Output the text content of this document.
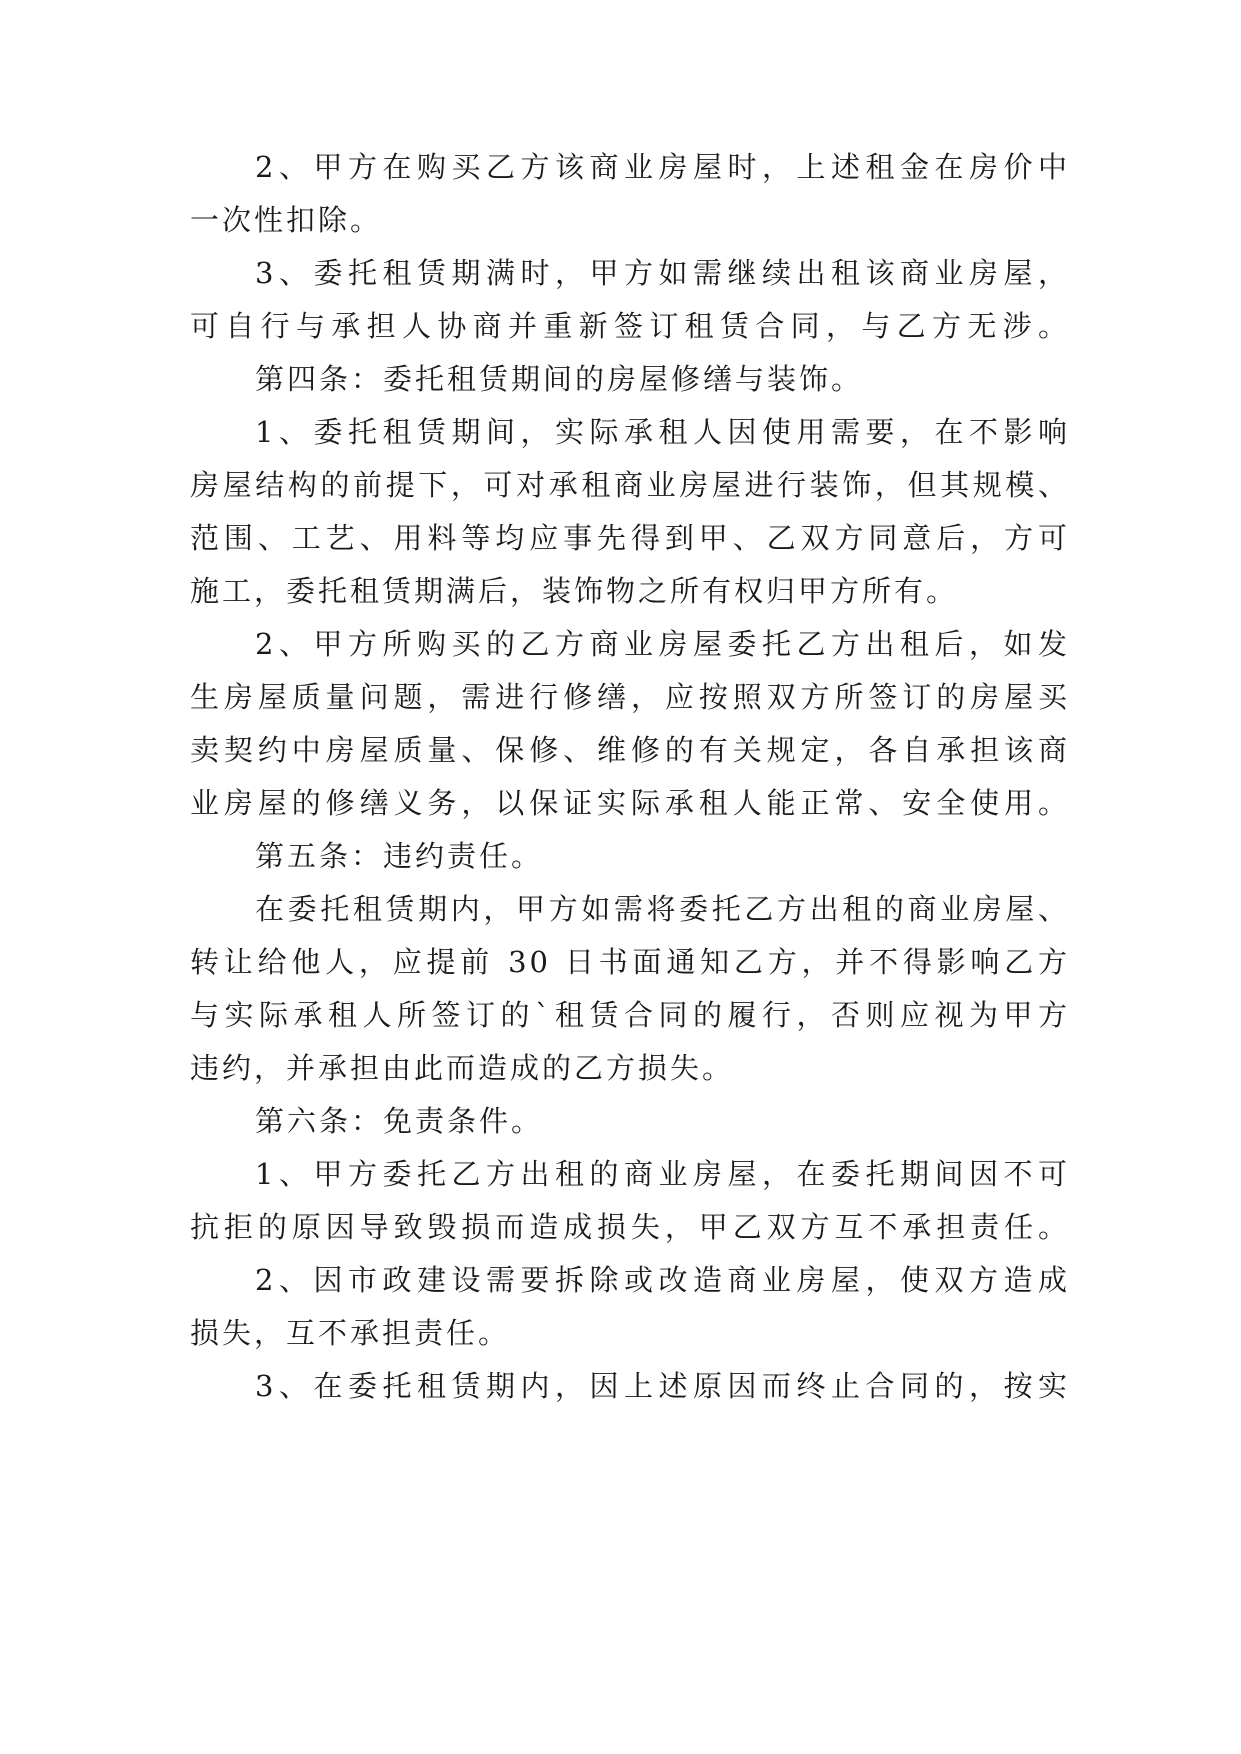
2、甲方在购买乙方该商业房屋时，上述租金在房价中
一次性扣除。
3、委托租赁期满时，甲方如需继续出租该商业房屋，
可自行与承担人协商并重新签订租赁合同，与乙方无涉。
第四条：委托租赁期间的房屋修缮与装饰。
1、委托租赁期间，实际承租人因使用需要，在不影响
房屋结构的前提下，可对承租商业房屋进行装饰，但其规模、
范围、工艺、用料等均应事先得到甲、乙双方同意后，方可
施工，委托租赁期满后，装饰物之所有权归甲方所有。
2、甲方所购买的乙方商业房屋委托乙方出租后，如发
生房屋质量问题，需进行修缮，应按照双方所签订的房屋买
卖契约中房屋质量、保修、维修的有关规定，各自承担该商
业房屋的修缮义务，以保证实际承租人能正常、安全使用。
第五条：违约责任。
在委托租赁期内，甲方如需将委托乙方出租的商业房屋、
转让给他人，应提前 30 日书面通知乙方，并不得影响乙方
与实际承租人所签订的`租赁合同的履行，否则应视为甲方
违约，并承担由此而造成的乙方损失。
第六条：免责条件。
1、甲方委托乙方出租的商业房屋，在委托期间因不可
抗拒的原因导致毁损而造成损失，甲乙双方互不承担责任。
2、因市政建设需要拆除或改造商业房屋，使双方造成
损失，互不承担责任。
3、在委托租赁期内，因上述原因而终止合同的，按实
